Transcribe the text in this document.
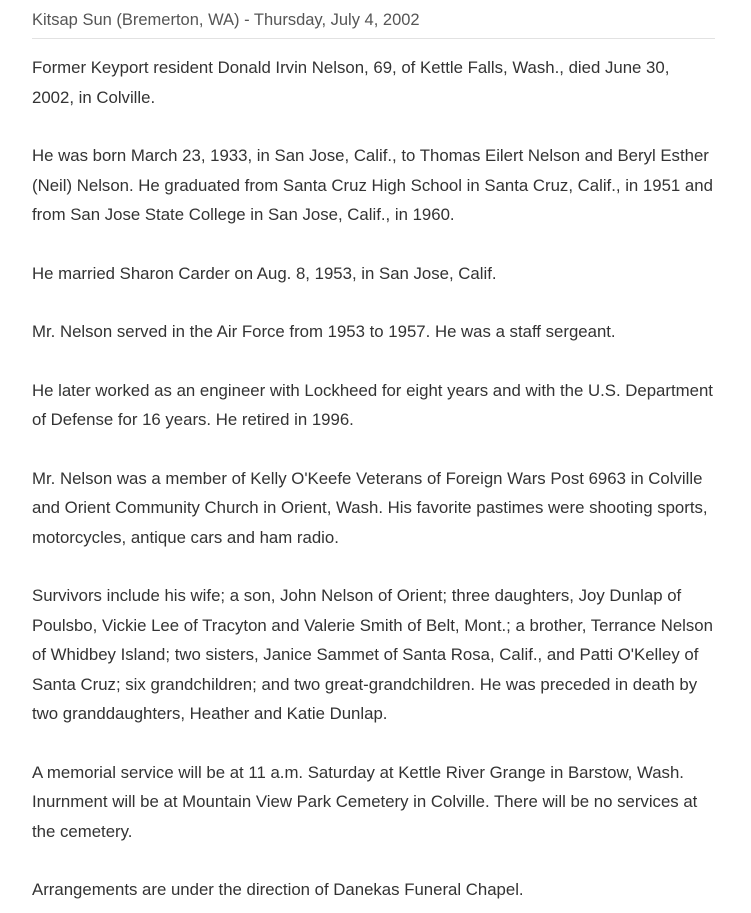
Kitsap Sun (Bremerton, WA) - Thursday, July 4, 2002

Former Keyport resident Donald Irvin Nelson, 69, of Kettle Falls, Wash., died June 30, 2002, in Colville.

He was born March 23, 1933, in San Jose, Calif., to Thomas Eilert Nelson and Beryl Esther (Neil) Nelson. He graduated from Santa Cruz High School in Santa Cruz, Calif., in 1951 and from San Jose State College in San Jose, Calif., in 1960.

He married Sharon Carder on Aug. 8, 1953, in San Jose, Calif.

Mr. Nelson served in the Air Force from 1953 to 1957. He was a staff sergeant.

He later worked as an engineer with Lockheed for eight years and with the U.S. Department of Defense for 16 years. He retired in 1996.

Mr. Nelson was a member of Kelly O'Keefe Veterans of Foreign Wars Post 6963 in Colville and Orient Community Church in Orient, Wash. His favorite pastimes were shooting sports, motorcycles, antique cars and ham radio.

Survivors include his wife; a son, John Nelson of Orient; three daughters, Joy Dunlap of Poulsbo, Vickie Lee of Tracyton and Valerie Smith of Belt, Mont.; a brother, Terrance Nelson of Whidbey Island; two sisters, Janice Sammet of Santa Rosa, Calif., and Patti O'Kelley of Santa Cruz; six grandchildren; and two great-grandchildren. He was preceded in death by two granddaughters, Heather and Katie Dunlap.

A memorial service will be at 11 a.m. Saturday at Kettle River Grange in Barstow, Wash. Inurnment will be at Mountain View Park Cemetery in Colville. There will be no services at the cemetery.

Arrangements are under the direction of Danekas Funeral Chapel.
